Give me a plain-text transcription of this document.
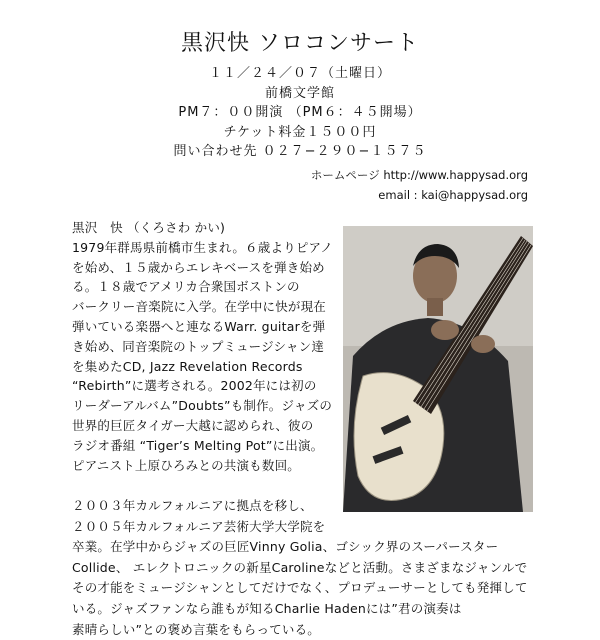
黒沢快 ソロコンサート
１１／２４／０７（土曜日）
前橋文学館
PM７：００開演 （PM６：４５開場）
チケット料金１５００円
問い合わせ先 ０２７−２９０−１５７５
ホームページ http://www.happysad.org
email : kai@happysad.org

黒沢　快 （くろさわ かい)

1979年群馬県前橋市生まれ。６歳よりピアノ

を始め、１５歳からエレキベースを弾き始め

る。１８歳でアメリカ合衆国ボストンの

バークリー音楽院に入学。在学中に快が現在

弾いている楽器へと連なるWarr. guitarを弾

き始め、同音楽院のトップミュージシャン達

を集めたCD, Jazz Revelation Records

“Rebirth”に選考される。2002年には初の

リーダーアルバム”Doubts”も制作。ジャズの

世界的巨匠タイガー大越に認められ、彼の

ラジオ番組 “Tiger’s Melting Pot”に出演。

ピアニスト上原ひろみとの共演も数回。

２００３年カルフォルニアに拠点を移し、

２００５年カルフォルニア芸術大学大学院を

卒業。在学中からジャズの巨匠Vinny Golia、ゴシック界のスーパースター

Collide、 エレクトロニックの新星Carolineなどと活動。さまざまなジャンルで

その才能をミュージシャンとしてだけでなく、プロデューサーとしても発揮して

いる。ジャズファンなら誰もが知るCharlie Hadenには”君の演奏は

素晴らしい”との褒め言葉をもらっている。
